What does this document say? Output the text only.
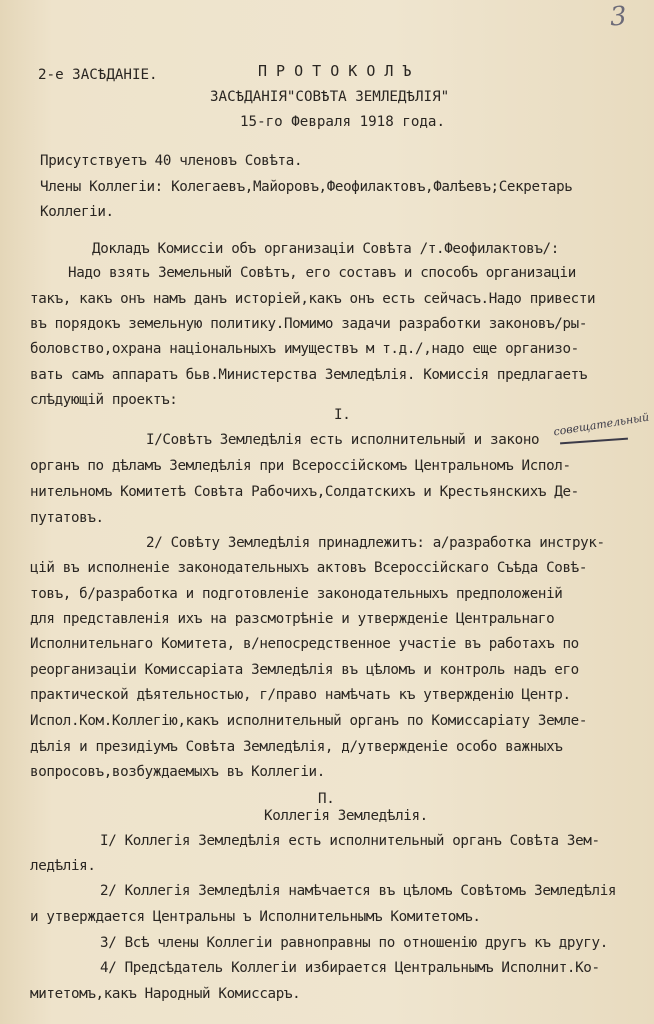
3
2-е ЗАСѢДАНІЕ.	П Р О Т О К О Л Ъ
ЗАСѢДАНІЯ"СОВѢТА ЗЕМЛЕДѢЛІЯ"
15-го Февраля 1918 года.
Присутствуетъ 40 членовъ Совѣта.
Члены Коллегіи: Колегаевъ,Майоровъ,Феофилактовъ,Фалѣевъ;Секретарь
Коллегіи.
Докладъ Комиссіи объ организаціи Совѣта /т.Феофилактовъ/:
Надо взять Земельный Совѣтъ, его составъ и способъ организаціи
такъ, какъ онъ намъ данъ исторіей,какъ онъ есть сейчасъ.Надо привести
въ порядокъ земельную политику.Помимо задачи разработки законовъ/ры-
боловство,охрана національныхъ имуществъ м т.д./,надо еще организо-
вать самъ аппаратъ бьв.Министерства Земледѣлія. Комиссія предлагаетъ
слѣдующій проектъ:
I.
I/Совѣтъ Земледѣлія есть исполнительный и законо
совещательный
органъ по дѣламъ Земледѣлія при Всероссійскомъ Центральномъ Испол-
нительномъ Комитетѣ Совѣта Рабочихъ,Солдатскихъ и Крестьянскихъ Де-
путатовъ.
2/ Совѣту Земледѣлія принадлежитъ: а/разработка инструк-
цій въ исполненіе законодательныхъ актовъ Всероссійскаго Съѣда Совѣ-
товъ, б/разработка и подготовленіе законодательныхъ предположеній
для представленія ихъ на разсмотрѣніе и утвержденіе Центральнаго
Исполнительнаго Комитета, в/непосредственное участіе въ работахъ по
реорганизаціи Комиссаріата Земледѣлія въ цѣломъ и контроль надъ его
практической дѣятельностью, г/право намѣчать къ утвержденію Центр.
Испол.Ком.Коллегію,какъ исполнительный органъ по Комиссаріату Земле-
дѣлія и президіумъ Совѣта Земледѣлія, д/утвержденіе особо важныхъ
вопросовъ,возбуждаемыхъ въ Коллегіи.
П.
Коллегія Земледѣлія.
I/ Коллегія Земледѣлія есть исполнительный органъ Совѣта Зем-
ледѣлія.
2/ Коллегія Земледѣлія намѣчается въ цѣломъ Совѣтомъ Земледѣлія
и утверждается Центральны ъ Исполнительнымъ Комитетомъ.
3/ Всѣ члены Коллегіи равноправны по отношенію другъ къ другу.
4/ Предсѣдатель Коллегіи избирается Центральнымъ Исполнит.Ко-
митетомъ,какъ Народный Комиссаръ.
